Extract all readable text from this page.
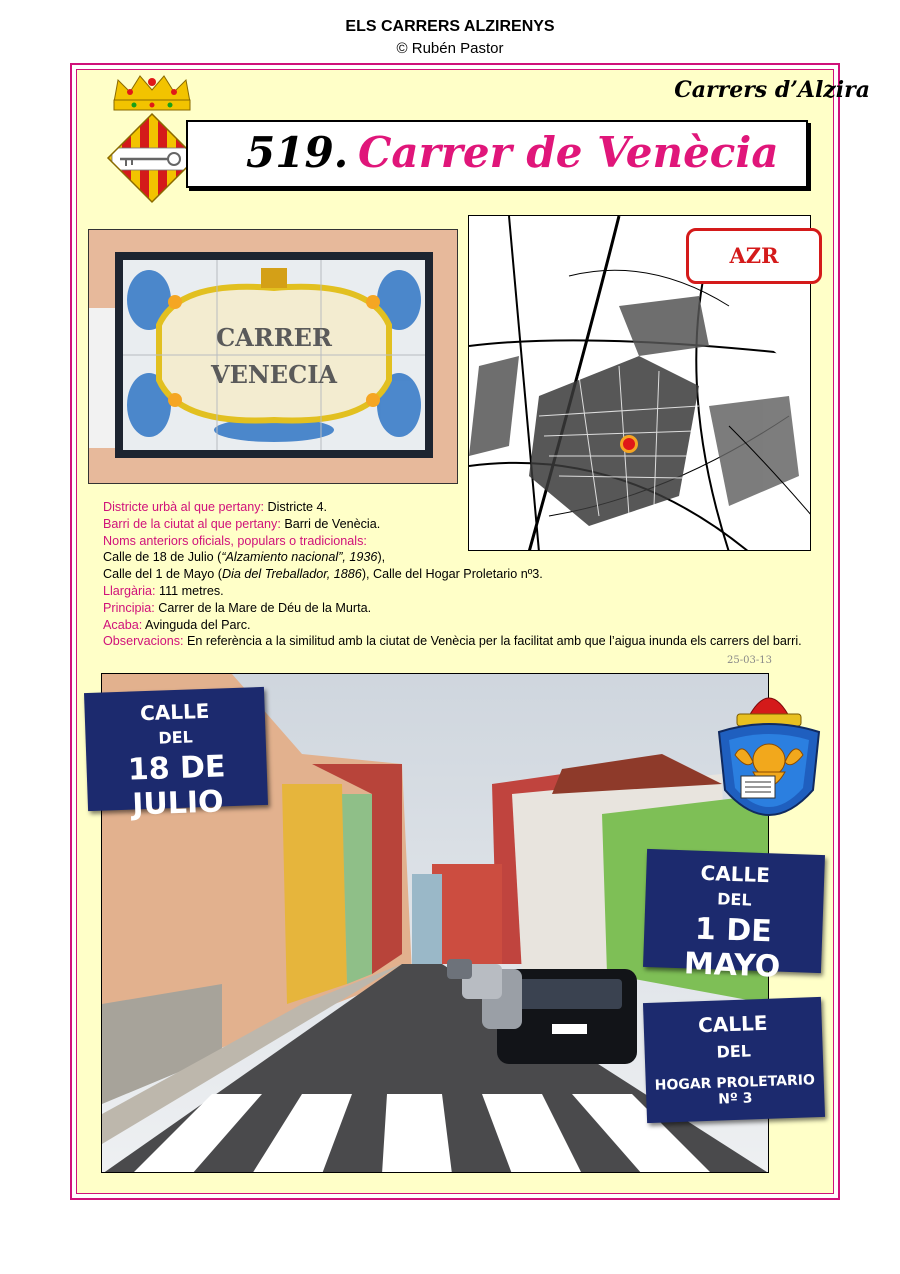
ELS CARRERS ALZIRENYS
© Rubén Pastor
Carrers d’Alzira
519. Carrer de Venècia
CARRER
VENECIA
AZR
Districte urbà al que pertany: Districte 4.
Barri de la ciutat al que pertany: Barri de Venècia.
Noms anteriors oficials, populars o tradicionals:
Calle de 18 de Julio (“Alzamiento nacional”, 1936),
Calle del 1 de Mayo (Dia del Treballador, 1886), Calle del Hogar Proletario nº3.
Llargària: 111 metres.
Principia: Carrer de la Mare de Déu de la Murta.
Acaba: Avinguda del Parc.
Observacions: En referència a la similitud amb la ciutat de Venècia per la facilitat amb que l’aigua inunda els carrers del barri.
25-03-13
CALLE
DEL
18 DE JULIO
CALLE
DEL
1 DE MAYO
CALLE
DEL
HOGAR PROLETARIO Nº 3
